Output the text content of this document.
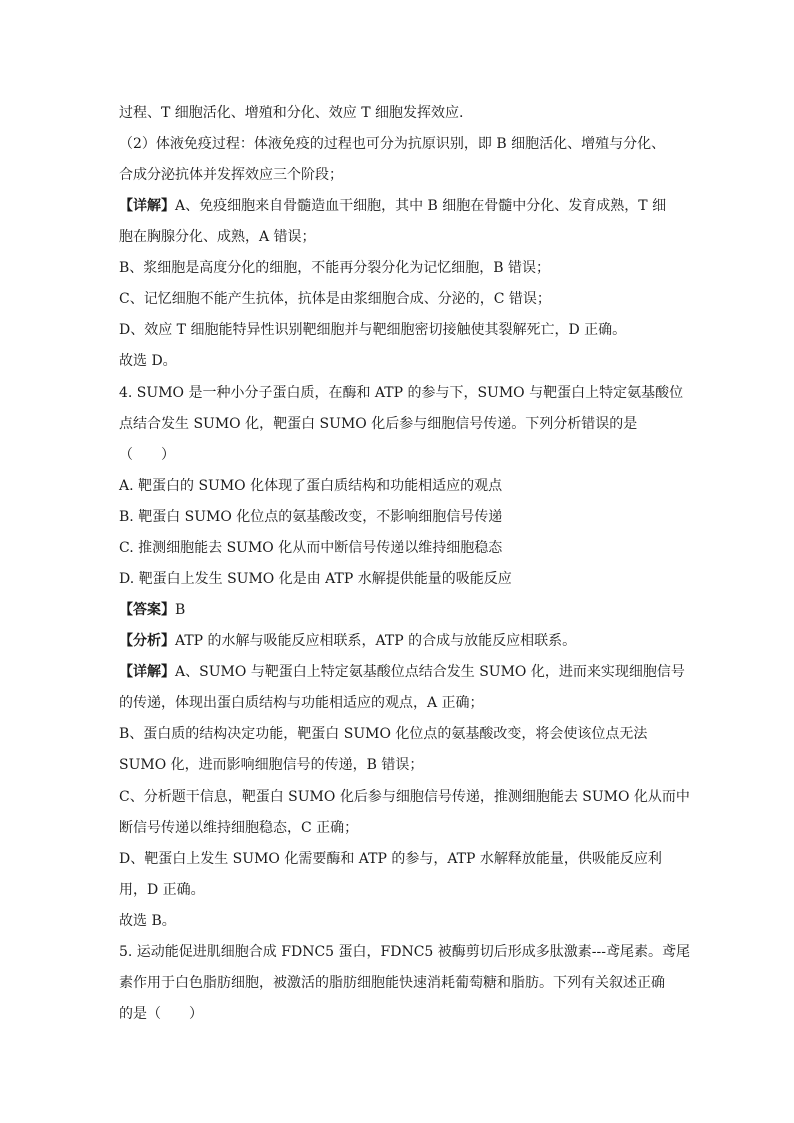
过程、T 细胞活化、增殖和分化、效应 T 细胞发挥效应.
（2）体液免疫过程：体液免疫的过程也可分为抗原识别，即 B 细胞活化、增殖与分化、
合成分泌抗体并发挥效应三个阶段；
【详解】A、免疫细胞来自骨髓造血干细胞，其中 B 细胞在骨髓中分化、发育成熟，T 细
胞在胸腺分化、成熟，A 错误；
B、浆细胞是高度分化的细胞，不能再分裂分化为记忆细胞，B 错误；
C、记忆细胞不能产生抗体，抗体是由浆细胞合成、分泌的，C 错误；
D、效应 T 细胞能特异性识别靶细胞并与靶细胞密切接触使其裂解死亡，D 正确。
故选 D。
4. SUMO 是一种小分子蛋白质，在酶和 ATP 的参与下，SUMO 与靶蛋白上特定氨基酸位
点结合发生 SUMO 化，靶蛋白 SUMO 化后参与细胞信号传递。下列分析错误的是
（　　）
A. 靶蛋白的 SUMO 化体现了蛋白质结构和功能相适应的观点
B. 靶蛋白 SUMO 化位点的氨基酸改变，不影响细胞信号传递
C. 推测细胞能去 SUMO 化从而中断信号传递以维持细胞稳态
D. 靶蛋白上发生 SUMO 化是由 ATP 水解提供能量的吸能反应
【答案】B
【分析】ATP 的水解与吸能反应相联系，ATP 的合成与放能反应相联系。
【详解】A、SUMO 与靶蛋白上特定氨基酸位点结合发生 SUMO 化，进而来实现细胞信号
的传递，体现出蛋白质结构与功能相适应的观点，A 正确；
B、蛋白质的结构决定功能，靶蛋白 SUMO 化位点的氨基酸改变，将会使该位点无法
SUMO 化，进而影响细胞信号的传递，B 错误；
C、分析题干信息，靶蛋白 SUMO 化后参与细胞信号传递，推测细胞能去 SUMO 化从而中
断信号传递以维持细胞稳态，C 正确；
D、靶蛋白上发生 SUMO 化需要酶和 ATP 的参与，ATP 水解释放能量，供吸能反应利
用，D 正确。
故选 B。
5. 运动能促进肌细胞合成 FDNC5 蛋白，FDNC5 被酶剪切后形成多肽激素---鸢尾素。鸢尾
素作用于白色脂肪细胞，被激活的脂肪细胞能快速消耗葡萄糖和脂肪。下列有关叙述正确
的是（　　）
